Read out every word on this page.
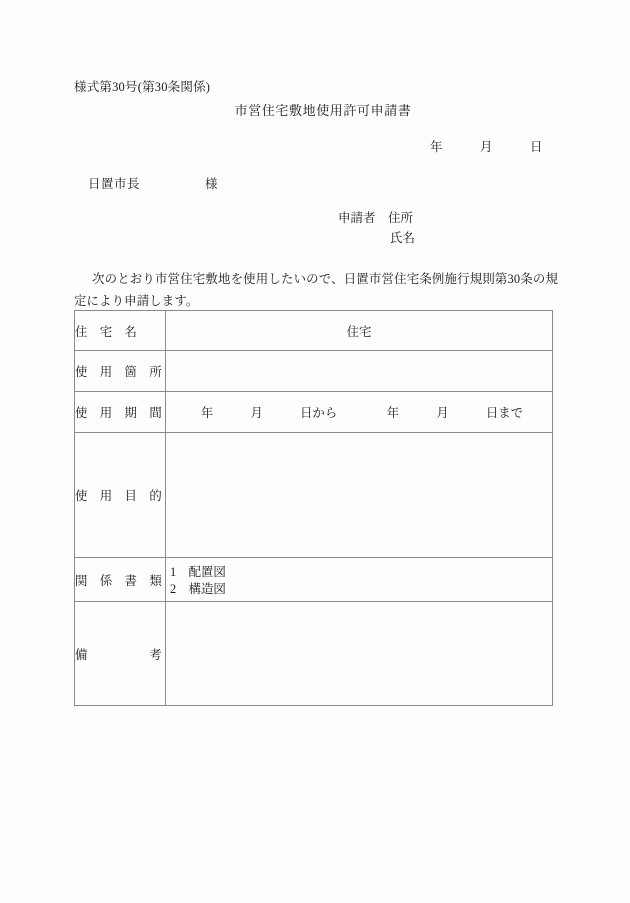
様式第30号(第30条関係)
市営住宅敷地使用許可申請書
年　　　月　　　日
日置市長　　　　　様
申請者　住所
氏名
次のとおり市営住宅敷地を使用したいので、日置市営住宅条例施行規則第30条の規定により申請します。
住　宅　名	住宅

使　用　箇　所	

使　用　期　間	年　　　月　　　日から　　　　年　　　月　　　日まで

使　用　目　的	

関　係　書　類	1　配置図
2　構造図

備　　　　　考	
